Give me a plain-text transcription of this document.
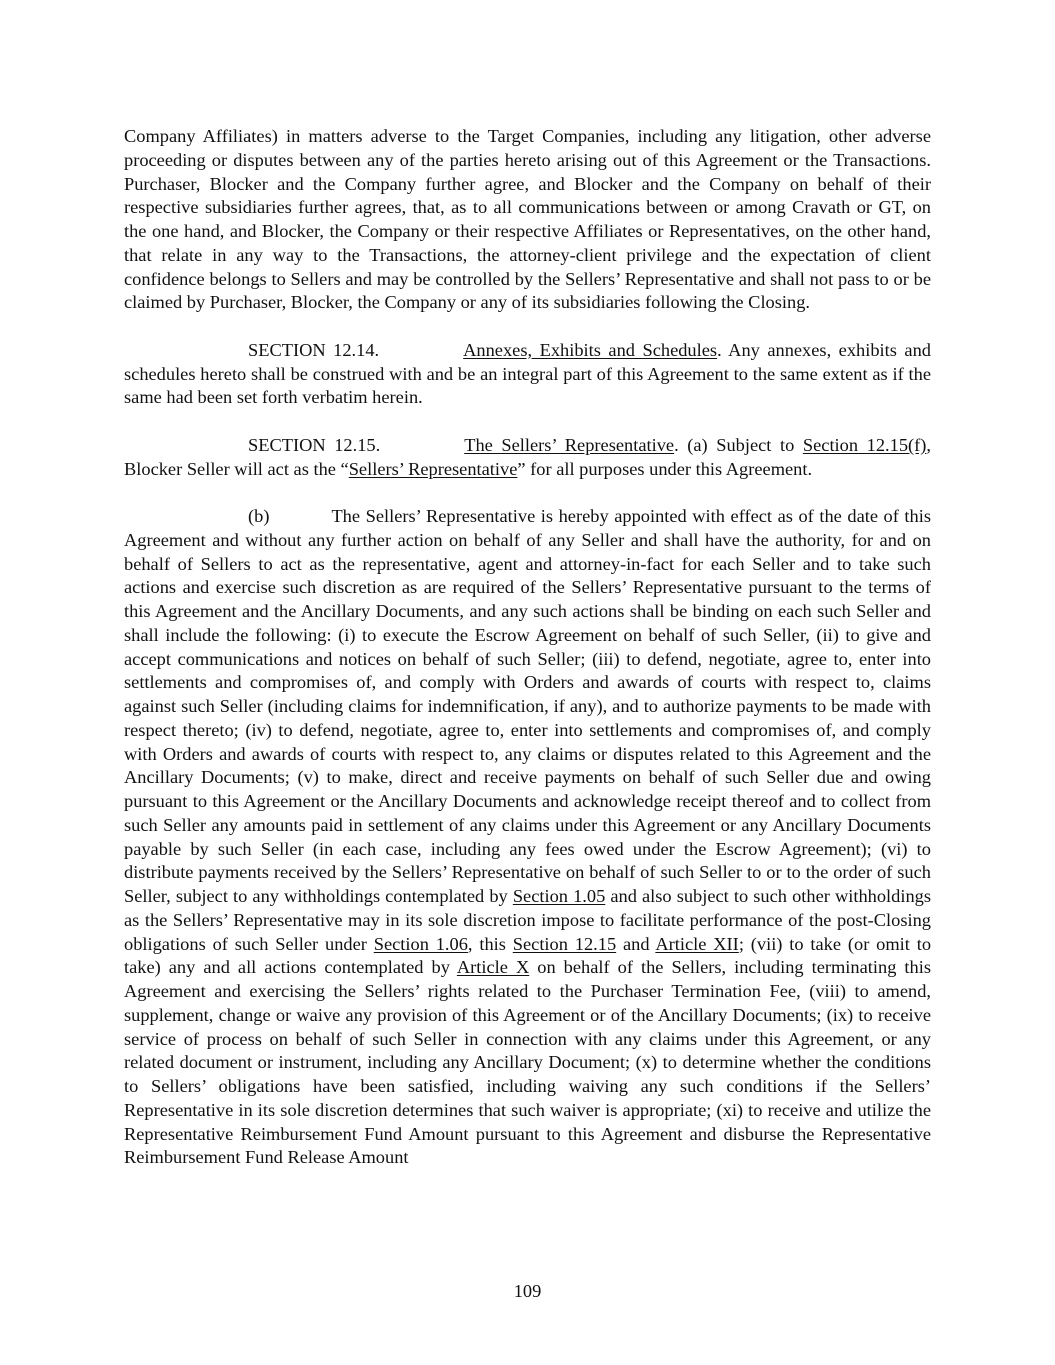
Company Affiliates) in matters adverse to the Target Companies, including any litigation, other adverse proceeding or disputes between any of the parties hereto arising out of this Agreement or the Transactions. Purchaser, Blocker and the Company further agree, and Blocker and the Company on behalf of their respective subsidiaries further agrees, that, as to all communications between or among Cravath or GT, on the one hand, and Blocker, the Company or their respective Affiliates or Representatives, on the other hand, that relate in any way to the Transactions, the attorney-client privilege and the expectation of client confidence belongs to Sellers and may be controlled by the Sellers’ Representative and shall not pass to or be claimed by Purchaser, Blocker, the Company or any of its subsidiaries following the Closing.

SECTION 12.14.	Annexes, Exhibits and Schedules. Any annexes, exhibits and schedules hereto shall be construed with and be an integral part of this Agreement to the same extent as if the same had been set forth verbatim herein.

SECTION 12.15.	The Sellers’ Representative. (a) Subject to Section 12.15(f), Blocker Seller will act as the “Sellers’ Representative” for all purposes under this Agreement.

(b)	The Sellers’ Representative is hereby appointed with effect as of the date of this Agreement and without any further action on behalf of any Seller and shall have the authority, for and on behalf of Sellers to act as the representative, agent and attorney-in-fact for each Seller and to take such actions and exercise such discretion as are required of the Sellers’ Representative pursuant to the terms of this Agreement and the Ancillary Documents, and any such actions shall be binding on each such Seller and shall include the following: (i) to execute the Escrow Agreement on behalf of such Seller, (ii) to give and accept communications and notices on behalf of such Seller; (iii) to defend, negotiate, agree to, enter into settlements and compromises of, and comply with Orders and awards of courts with respect to, claims against such Seller (including claims for indemnification, if any), and to authorize payments to be made with respect thereto; (iv) to defend, negotiate, agree to, enter into settlements and compromises of, and comply with Orders and awards of courts with respect to, any claims or disputes related to this Agreement and the Ancillary Documents; (v) to make, direct and receive payments on behalf of such Seller due and owing pursuant to this Agreement or the Ancillary Documents and acknowledge receipt thereof and to collect from such Seller any amounts paid in settlement of any claims under this Agreement or any Ancillary Documents payable by such Seller (in each case, including any fees owed under the Escrow Agreement); (vi) to distribute payments received by the Sellers’ Representative on behalf of such Seller to or to the order of such Seller, subject to any withholdings contemplated by Section 1.05 and also subject to such other withholdings as the Sellers’ Representative may in its sole discretion impose to facilitate performance of the post-Closing obligations of such Seller under Section 1.06, this Section 12.15 and Article XII; (vii) to take (or omit to take) any and all actions contemplated by Article X on behalf of the Sellers, including terminating this Agreement and exercising the Sellers’ rights related to the Purchaser Termination Fee, (viii) to amend, supplement, change or waive any provision of this Agreement or of the Ancillary Documents; (ix) to receive service of process on behalf of such Seller in connection with any claims under this Agreement, or any related document or instrument, including any Ancillary Document; (x) to determine whether the conditions to Sellers’ obligations have been satisfied, including waiving any such conditions if the Sellers’ Representative in its sole discretion determines that such waiver is appropriate; (xi) to receive and utilize the Representative Reimbursement Fund Amount pursuant to this Agreement and disburse the Representative Reimbursement Fund Release Amount

109
